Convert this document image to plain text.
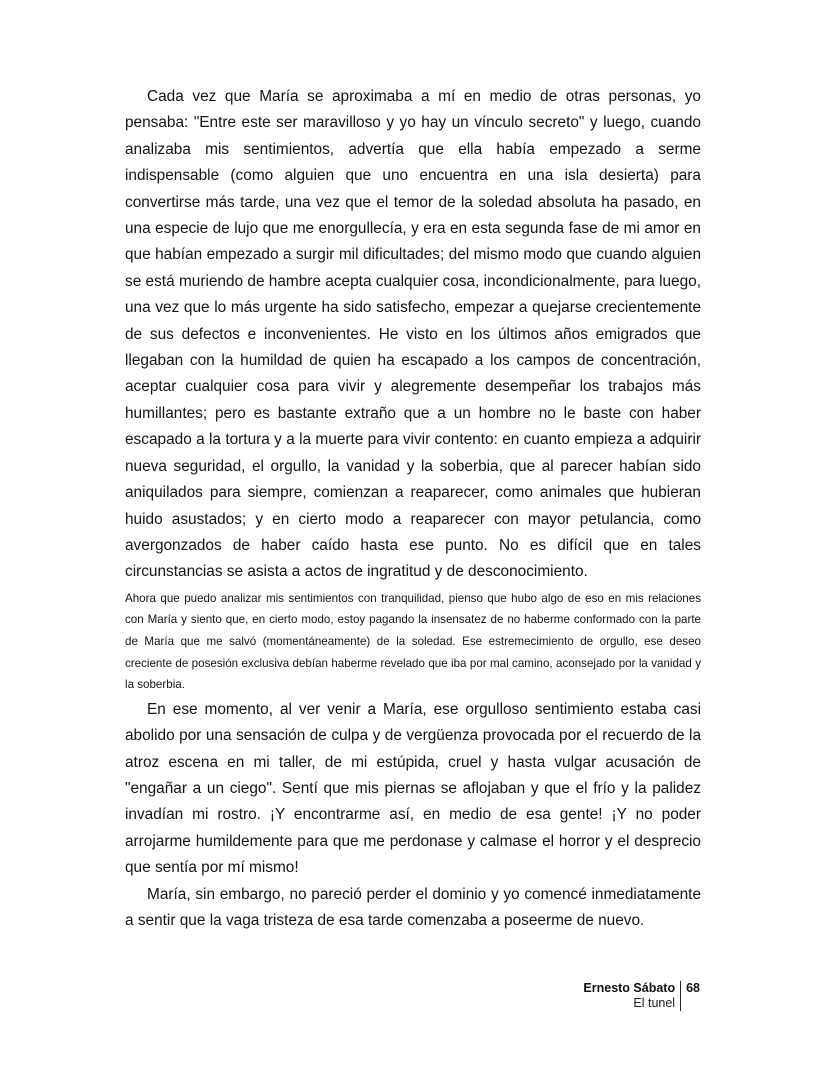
Cada vez que María se aproximaba a mí en medio de otras personas, yo pensaba: "Entre este ser maravilloso y yo hay un vínculo secreto" y luego, cuando analizaba mis sentimientos, advertía que ella había empezado a serme indispensable (como alguien que uno encuentra en una isla desierta) para convertirse más tarde, una vez que el temor de la soledad absoluta ha pasado, en una especie de lujo que me enorgullecía, y era en esta segunda fase de mi amor en que habían empezado a surgir mil dificultades; del mismo modo que cuando alguien se está muriendo de hambre acepta cualquier cosa, incondicionalmente, para luego, una vez que lo más urgente ha sido satisfecho, empezar a quejarse crecientemente de sus defectos e inconvenientes. He visto en los últimos años emigrados que llegaban con la humildad de quien ha escapado a los campos de concentración, aceptar cualquier cosa para vivir y alegremente desempeñar los trabajos más humillantes; pero es bastante extraño que a un hombre no le baste con haber escapado a la tortura y a la muerte para vivir contento: en cuanto empieza a adquirir nueva seguridad, el orgullo, la vanidad y la soberbia, que al parecer habían sido aniquilados para siempre, comienzan a reaparecer, como animales que hubieran huido asustados; y en cierto modo a reaparecer con mayor petulancia, como avergonzados de haber caído hasta ese punto. No es difícil que en tales circunstancias se asista a actos de ingratitud y de desconocimiento.

Ahora que puedo analizar mis sentimientos con tranquilidad, pienso que hubo algo de eso en mis relaciones con María y siento que, en cierto modo, estoy pagando la insensatez de no haberme conformado con la parte de María que me salvó (momentáneamente) de la soledad. Ese estremecimiento de orgullo, ese deseo creciente de posesión exclusiva debían haberme revelado que iba por mal camino, aconsejado por la vanidad y la soberbia.

En ese momento, al ver venir a María, ese orgulloso sentimiento estaba casi abolido por una sensación de culpa y de vergüenza provocada por el recuerdo de la atroz escena en mi taller, de mi estúpida, cruel y hasta vulgar acusación de "engañar a un ciego". Sentí que mis piernas se aflojaban y que el frío y la palidez invadían mi rostro. ¡Y encontrarme así, en medio de esa gente! ¡Y no poder arrojarme humildemente para que me perdonase y calmase el horror y el desprecio que sentía por mí mismo!

María, sin embargo, no pareció perder el dominio y yo comencé inmediatamente a sentir que la vaga tristeza de esa tarde comenzaba a poseerme de nuevo.

Ernesto Sábato
El tunel
68
